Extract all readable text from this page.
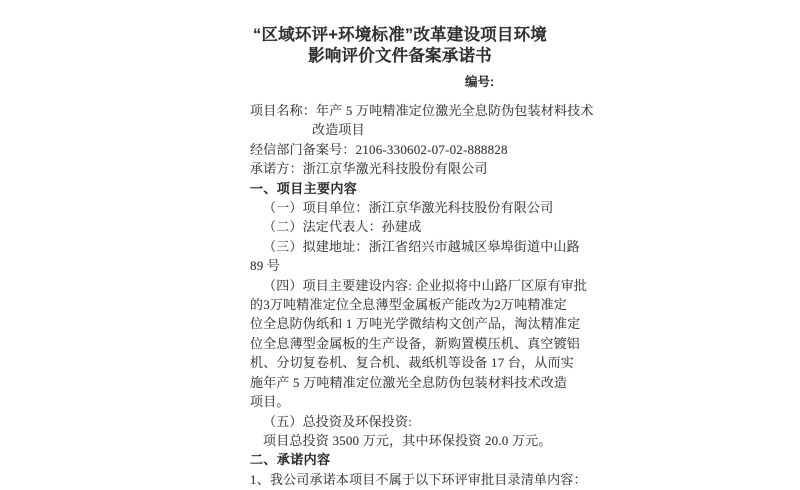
“区域环评+环境标准”改革建设项目环境
影响评价文件备案承诺书
编号:
项目名称：年产 5 万吨精准定位激光全息防伪包装材料技术
改造项目
经信部门备案号：2106-330602-07-02-888828
承诺方：浙江京华激光科技股份有限公司
一、项目主要内容
（一）项目单位：浙江京华激光科技股份有限公司
（二）法定代表人：孙建成
（三）拟建地址：浙江省绍兴市越城区皋埠街道中山路
89 号
（四）项目主要建设内容: 企业拟将中山路厂区原有审批
的3万吨精准定位全息薄型金属板产能改为2万吨精准定
位全息防伪纸和 1 万吨光学微结构文创产品，淘汰精准定
位全息薄型金属板的生产设备，新购置模压机、真空镀铝
机、分切复卷机、复合机、裁纸机等设备 17 台，从而实
施年产 5 万吨精准定位激光全息防伪包装材料技术改造
项目。
（五）总投资及环保投资:
项目总投资 3500 万元，其中环保投资 20.0 万元。
二、承诺内容
1、我公司承诺本项目不属于以下环评审批目录清单内容：
